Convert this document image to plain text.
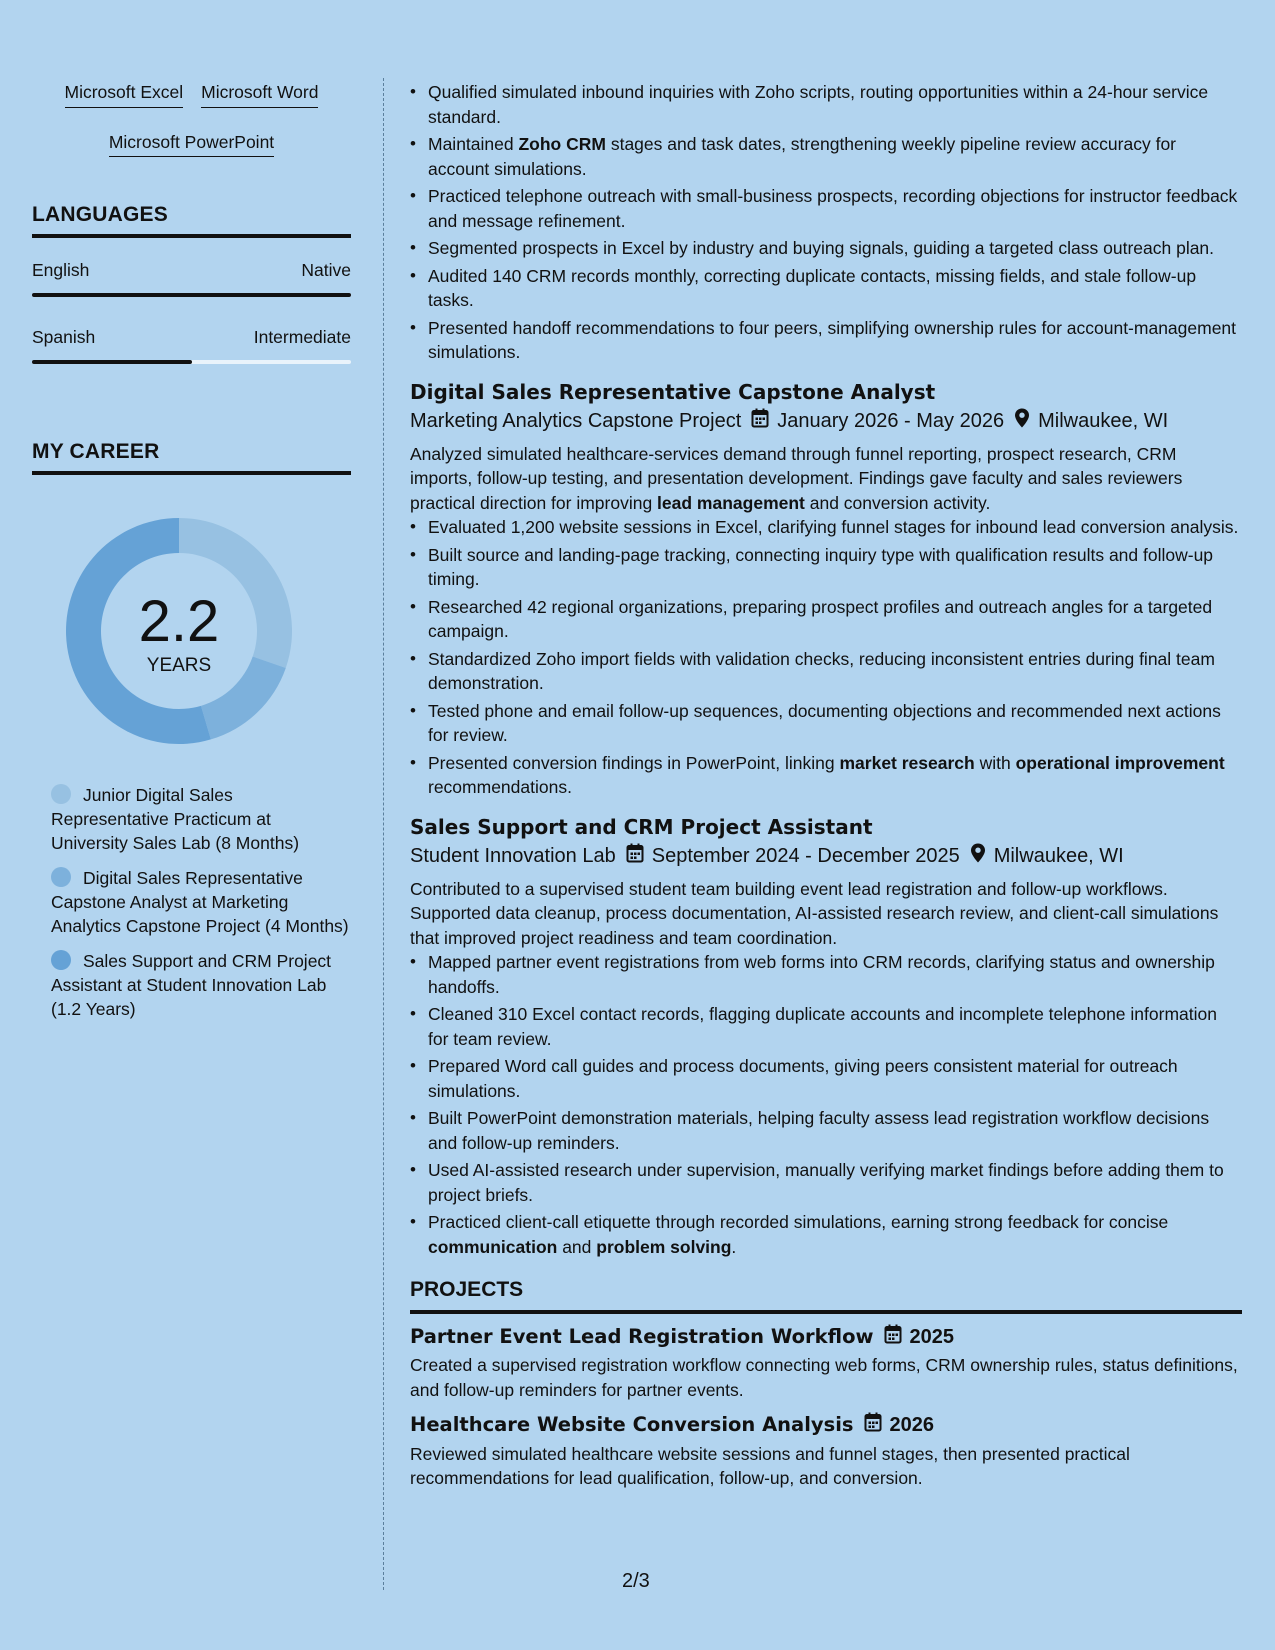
Microsoft Excel Microsoft Word
Microsoft PowerPoint
LANGUAGES
English	Native
Spanish	Intermediate
MY CAREER
2.2
YEARS
Junior Digital Sales Representative Practicum at University Sales Lab (8 Months)
Digital Sales Representative Capstone Analyst at Marketing Analytics Capstone Project (4 Months)
Sales Support and CRM Project Assistant at Student Innovation Lab (1.2 Years)
• Qualified simulated inbound inquiries with Zoho scripts, routing opportunities within a 24-hour service standard.
• Maintained Zoho CRM stages and task dates, strengthening weekly pipeline review accuracy for account simulations.
• Practiced telephone outreach with small-business prospects, recording objections for instructor feedback and message refinement.
• Segmented prospects in Excel by industry and buying signals, guiding a targeted class outreach plan.
• Audited 140 CRM records monthly, correcting duplicate contacts, missing fields, and stale follow-up tasks.
• Presented handoff recommendations to four peers, simplifying ownership rules for account-management simulations.
Digital Sales Representative Capstone Analyst
Marketing Analytics Capstone Project January 2026 - May 2026 Milwaukee, WI
Analyzed simulated healthcare-services demand through funnel reporting, prospect research, CRM imports, follow-up testing, and presentation development. Findings gave faculty and sales reviewers practical direction for improving lead management and conversion activity.
• Evaluated 1,200 website sessions in Excel, clarifying funnel stages for inbound lead conversion analysis.
• Built source and landing-page tracking, connecting inquiry type with qualification results and follow-up timing.
• Researched 42 regional organizations, preparing prospect profiles and outreach angles for a targeted campaign.
• Standardized Zoho import fields with validation checks, reducing inconsistent entries during final team demonstration.
• Tested phone and email follow-up sequences, documenting objections and recommended next actions for review.
• Presented conversion findings in PowerPoint, linking market research with operational improvement recommendations.
Sales Support and CRM Project Assistant
Student Innovation Lab September 2024 - December 2025 Milwaukee, WI
Contributed to a supervised student team building event lead registration and follow-up workflows. Supported data cleanup, process documentation, AI-assisted research review, and client-call simulations that improved project readiness and team coordination.
• Mapped partner event registrations from web forms into CRM records, clarifying status and ownership handoffs.
• Cleaned 310 Excel contact records, flagging duplicate accounts and incomplete telephone information for team review.
• Prepared Word call guides and process documents, giving peers consistent material for outreach simulations.
• Built PowerPoint demonstration materials, helping faculty assess lead registration workflow decisions and follow-up reminders.
• Used AI-assisted research under supervision, manually verifying market findings before adding them to project briefs.
• Practiced client-call etiquette through recorded simulations, earning strong feedback for concise communication and problem solving.
PROJECTS
Partner Event Lead Registration Workflow 2025
Created a supervised registration workflow connecting web forms, CRM ownership rules, status definitions, and follow-up reminders for partner events.
Healthcare Website Conversion Analysis 2026
Reviewed simulated healthcare website sessions and funnel stages, then presented practical recommendations for lead qualification, follow-up, and conversion.
2/3
